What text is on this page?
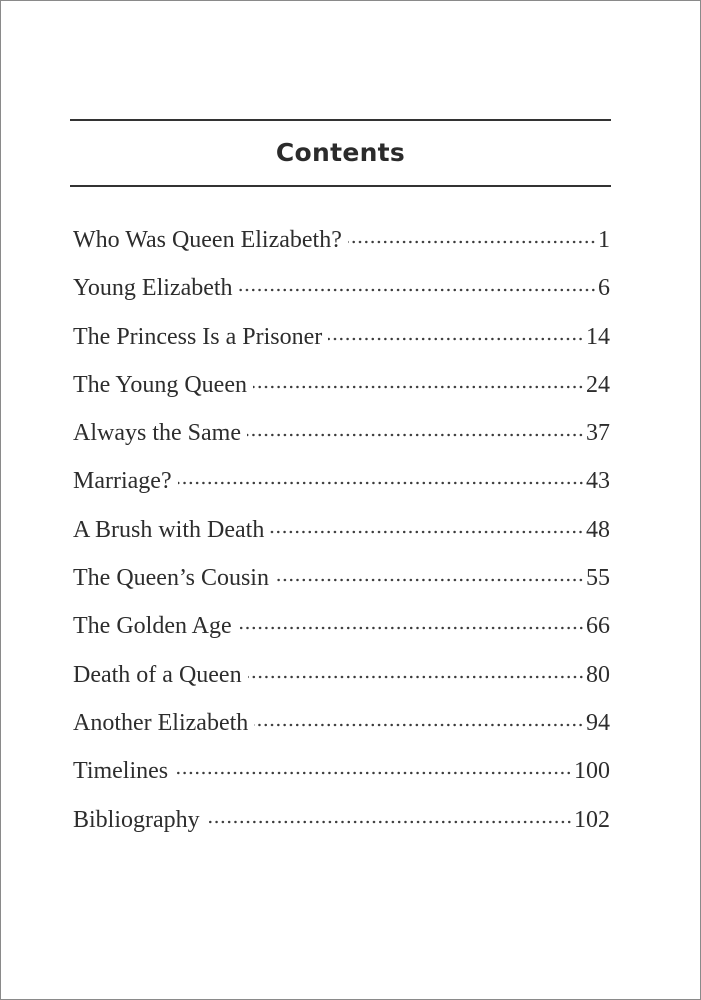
Contents
Who Was Queen Elizabeth?	1
Young Elizabeth	6
The Princess Is a Prisoner	14
The Young Queen	24
Always the Same	37
Marriage?	43
A Brush with Death	48
The Queen’s Cousin	55
The Golden Age	66
Death of a Queen	80
Another Elizabeth	94
Timelines	100
Bibliography	102
